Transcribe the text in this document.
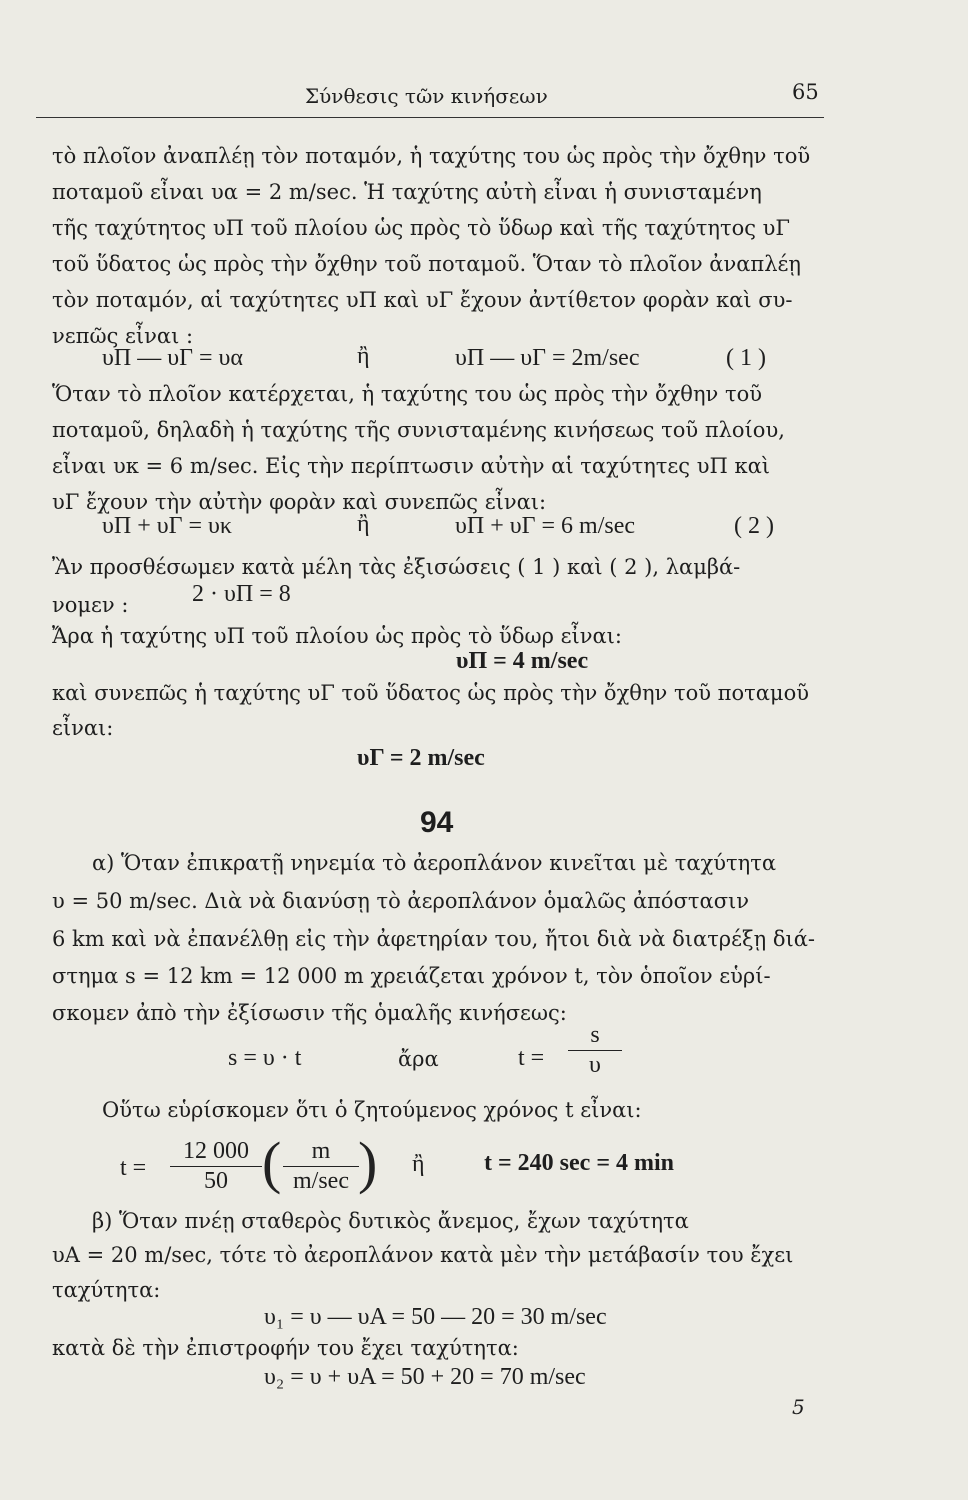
Σύνθεσις τῶν κινήσεων	65
τὸ πλοῖον ἀναπλέῃ τὸν ποταμόν, ἡ ταχύτης του ὡς πρὸς τὴν ὄχθην τοῦ
ποταμοῦ εἶναι υα = 2 m/sec. Ἡ ταχύτης αὐτὴ εἶναι ἡ συνισταμένη
τῆς ταχύτητος υΠ τοῦ πλοίου ὡς πρὸς τὸ ὕδωρ καὶ τῆς ταχύτητος υΓ
τοῦ ὕδατος ὡς πρὸς τὴν ὄχθην τοῦ ποταμοῦ. Ὅταν τὸ πλοῖον ἀναπλέῃ
τὸν ποταμόν, αἱ ταχύτητες υΠ καὶ υΓ ἔχουν ἀντίθετον φορὰν καὶ συ-
νεπῶς εἶναι :
υΠ — υΓ = υα	ἢ	υΠ — υΓ = 2m/sec	( 1 )
Ὅταν τὸ πλοῖον κατέρχεται, ἡ ταχύτης του ὡς πρὸς τὴν ὄχθην τοῦ
ποταμοῦ, δηλαδὴ ἡ ταχύτης τῆς συνισταμένης κινήσεως τοῦ πλοίου,
εἶναι υκ = 6 m/sec. Εἰς τὴν περίπτωσιν αὐτὴν αἱ ταχύτητες υΠ καὶ
υΓ ἔχουν τὴν αὐτὴν φορὰν καὶ συνεπῶς εἶναι:
υΠ + υΓ = υκ	ἢ	υΠ + υΓ = 6 m/sec	( 2 )
Ἂν προσθέσωμεν κατὰ μέλη τὰς ἐξισώσεις ( 1 ) καὶ ( 2 ), λαμβά-
νομεν :	2 · υΠ = 8
Ἄρα ἡ ταχύτης υΠ τοῦ πλοίου ὡς πρὸς τὸ ὕδωρ εἶναι:
υΠ = 4 m/sec
καὶ συνεπῶς ἡ ταχύτης υΓ τοῦ ὕδατος ὡς πρὸς τὴν ὄχθην τοῦ ποταμοῦ
εἶναι:
υΓ = 2 m/sec
94
α) Ὅταν ἐπικρατῇ νηνεμία τὸ ἀεροπλάνον κινεῖται μὲ ταχύτητα
υ = 50 m/sec. Διὰ νὰ διανύσῃ τὸ ἀεροπλάνον ὁμαλῶς ἀπόστασιν
6 km καὶ νὰ ἐπανέλθῃ εἰς τὴν ἀφετηρίαν του, ἤτοι διὰ νὰ διατρέξῃ διά-
στημα s = 12 km = 12 000 m χρειάζεται χρόνον t, τὸν ὁποῖον εὑρί-
σκομεν ἀπὸ τὴν ἐξίσωσιν τῆς ὁμαλῆς κινήσεως:
s = υ · t	ἄρα	t =
s
υ
Οὕτω εὑρίσκομεν ὅτι ὁ ζητούμενος χρόνος t εἶναι:
t =
12 000
50 (	m
m/sec ) ἢ t = 240 sec = 4 min
β) Ὅταν πνέῃ σταθερὸς δυτικὸς ἄνεμος, ἔχων ταχύτητα
υΑ = 20 m/sec, τότε τὸ ἀεροπλάνον κατὰ μὲν τὴν μετάβασίν του ἔχει
ταχύτητα:
υ₁ = υ — υΑ = 50 — 20 = 30 m/sec
κατὰ δὲ τὴν ἐπιστροφήν του ἔχει ταχύτητα:
υ₂ = υ + υΑ = 50 + 20 = 70 m/sec
5
